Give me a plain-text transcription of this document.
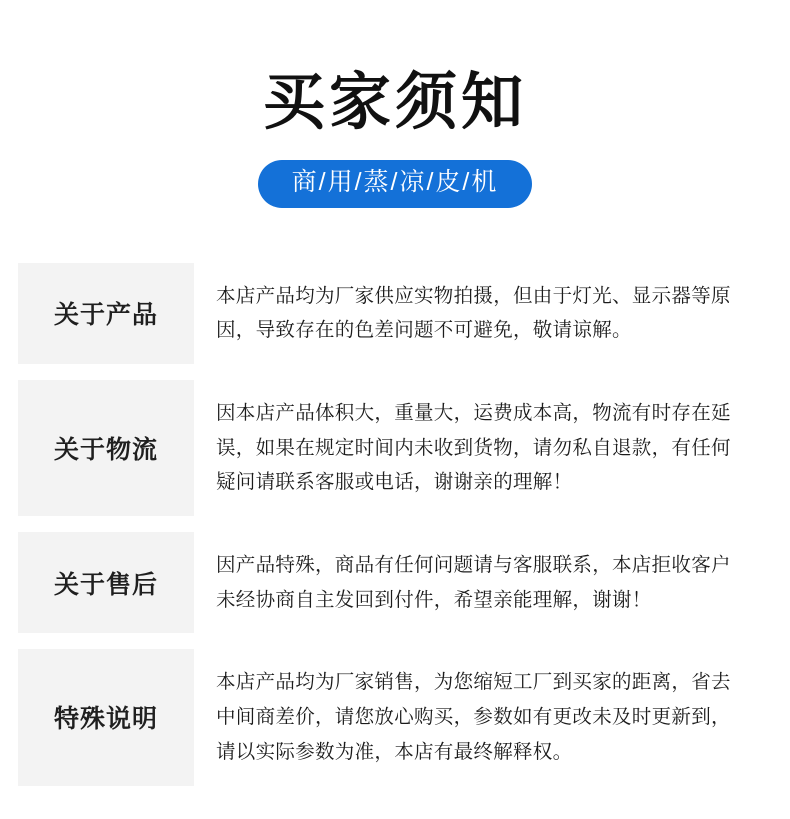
买家须知
商/用/蒸/凉/皮/机
关于产品
本店产品均为厂家供应实物拍摄，但由于灯光、显示器等原因，导致存在的色差问题不可避免，敬请谅解。
关于物流
因本店产品体积大，重量大，运费成本高，物流有时存在延误，如果在规定时间内未收到货物，请勿私自退款，有任何疑问请联系客服或电话，谢谢亲的理解！
关于售后
因产品特殊，商品有任何问题请与客服联系，本店拒收客户未经协商自主发回到付件，希望亲能理解，谢谢！
特殊说明
本店产品均为厂家销售，为您缩短工厂到买家的距离，省去中间商差价，请您放心购买，参数如有更改未及时更新到，请以实际参数为准，本店有最终解释权。
